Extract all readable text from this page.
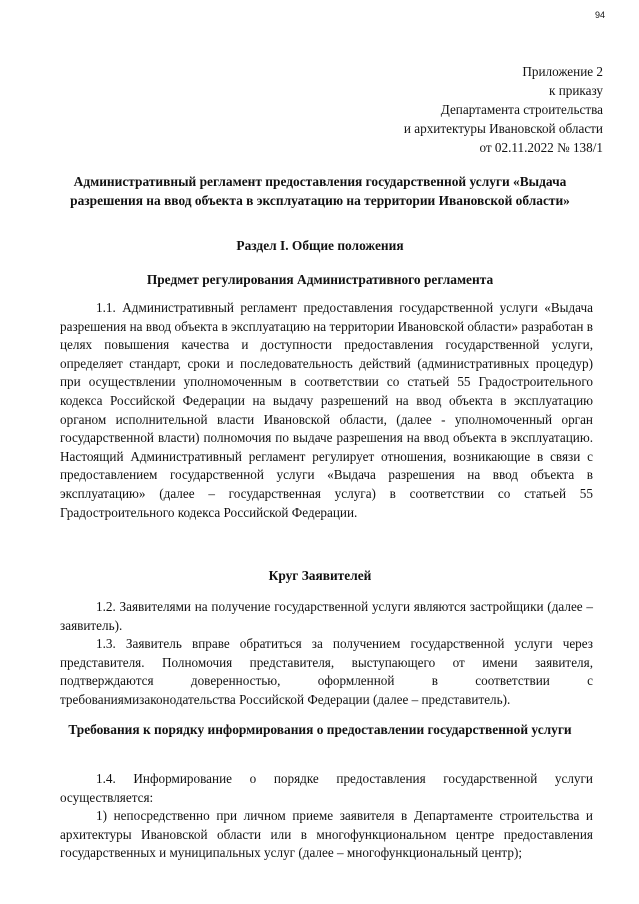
94
Приложение 2
к приказу
Департамента строительства
и архитектуры Ивановской области
от 02.11.2022 № 138/1
Административный регламент предоставления государственной услуги «Выдача разрешения на ввод объекта в эксплуатацию на территории Ивановской области»
Раздел I. Общие положения
Предмет регулирования Административного регламента
1.1. Административный регламент предоставления государственной услуги «Выдача разрешения на ввод объекта в эксплуатацию на территории Ивановской области» разработан в целях повышения качества и доступности предоставления государственной услуги, определяет стандарт, сроки и последовательность действий (административных процедур) при осуществлении уполномоченным в соответствии со статьей 55 Градостроительного кодекса Российской Федерации на выдачу разрешений на ввод объекта в эксплуатацию органом исполнительной власти Ивановской области, (далее - уполномоченный орган государственной власти) полномочия по выдаче разрешения на ввод объекта в эксплуатацию. Настоящий Административный регламент регулирует отношения, возникающие в связи с предоставлением государственной услуги «Выдача разрешения на ввод объекта в эксплуатацию» (далее – государственная услуга) в соответствии со статьей 55 Градостроительного кодекса Российской Федерации.
Круг Заявителей
1.2. Заявителями на получение государственной услуги являются застройщики (далее – заявитель).
1.3. Заявитель вправе обратиться за получением государственной услуги через представителя. Полномочия представителя, выступающего от имени заявителя, подтверждаются доверенностью, оформленной в соответствии с требованиямизаконодательства Российской Федерации (далее – представитель).
Требования к порядку информирования о предоставлении государственной услуги
1.4. Информирование о порядке предоставления государственной услуги осуществляется:
1) непосредственно при личном приеме заявителя в Департаменте строительства и архитектуры Ивановской области или в многофункциональном центре предоставления государственных и муниципальных услуг (далее – многофункциональный центр);
